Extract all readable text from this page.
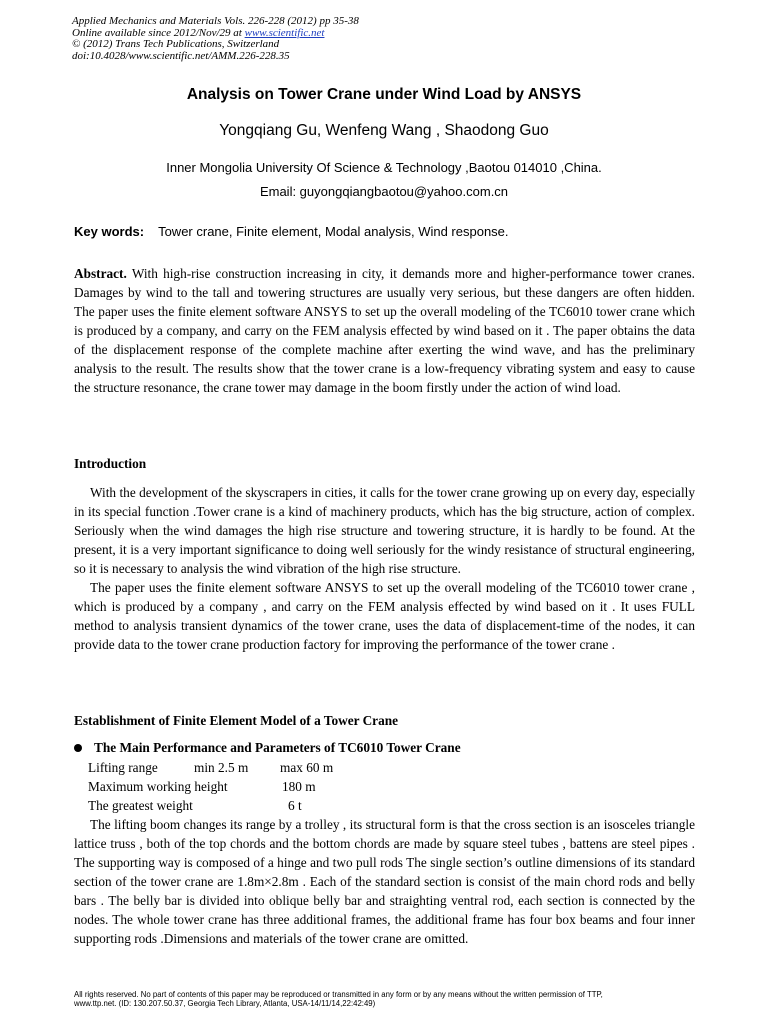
Applied Mechanics and Materials Vols. 226-228 (2012) pp 35-38
Online available since 2012/Nov/29 at www.scientific.net
© (2012) Trans Tech Publications, Switzerland
doi:10.4028/www.scientific.net/AMM.226-228.35
Analysis on Tower Crane under Wind Load by ANSYS
Yongqiang Gu, Wenfeng Wang , Shaodong Guo
Inner Mongolia University Of Science & Technology ,Baotou 014010 ,China.
Email: guyongqiangbaotou@yahoo.com.cn
Key words: Tower crane, Finite element, Modal analysis, Wind response.

Abstract. With high-rise construction increasing in city, it demands more and higher-performance tower cranes. Damages by wind to the tall and towering structures are usually very serious, but these dangers are often hidden. The paper uses the finite element software ANSYS to set up the overall modeling of the TC6010 tower crane which is produced by a company, and carry on the FEM analysis effected by wind based on it . The paper obtains the data of the displacement response of the complete machine after exerting the wind wave, and has the preliminary analysis to the result. The results show that the tower crane is a low-frequency vibrating system and easy to cause the structure resonance, the crane tower may damage in the boom firstly under the action of wind load.

Introduction

With the development of the skyscrapers in cities, it calls for the tower crane growing up on every day, especially in its special function .Tower crane is a kind of machinery products, which has the big structure, action of complex. Seriously when the wind damages the high rise structure and towering structure, it is hardly to be found. At the present, it is a very important significance to doing well seriously for the windy resistance of structural engineering, so it is necessary to analysis the wind vibration of the high rise structure.

The paper uses the finite element software ANSYS to set up the overall modeling of the TC6010 tower crane , which is produced by a company , and carry on the FEM analysis effected by wind based on it . It uses FULL method to analysis transient dynamics of the tower crane, uses the data of displacement-time of the nodes, it can provide data to the tower crane production factory for improving the performance of the tower crane .

Establishment of Finite Element Model of a Tower Crane
The Main Performance and Parameters of TC6010 Tower Crane
Lifting range	min 2.5 m max 60 m
Maximum working height	180 m
The greatest weight	6 t

The lifting boom changes its range by a trolley , its structural form is that the cross section is an isosceles triangle lattice truss , both of the top chords and the bottom chords are made by square steel tubes , battens are steel pipes . The supporting way is composed of a hinge and two pull rods The single section’s outline dimensions of its standard section of the tower crane are 1.8m×2.8m . Each of the standard section is consist of the main chord rods and belly bars . The belly bar is divided into oblique belly bar and straighting ventral rod, each section is connected by the nodes. The whole tower crane has three additional frames, the additional frame has four box beams and four inner supporting rods .Dimensions and materials of the tower crane are omitted.

All rights reserved. No part of contents of this paper may be reproduced or transmitted in any form or by any means without the written permission of TTP,
www.ttp.net. (ID: 130.207.50.37, Georgia Tech Library, Atlanta, USA-14/11/14,22:42:49)
